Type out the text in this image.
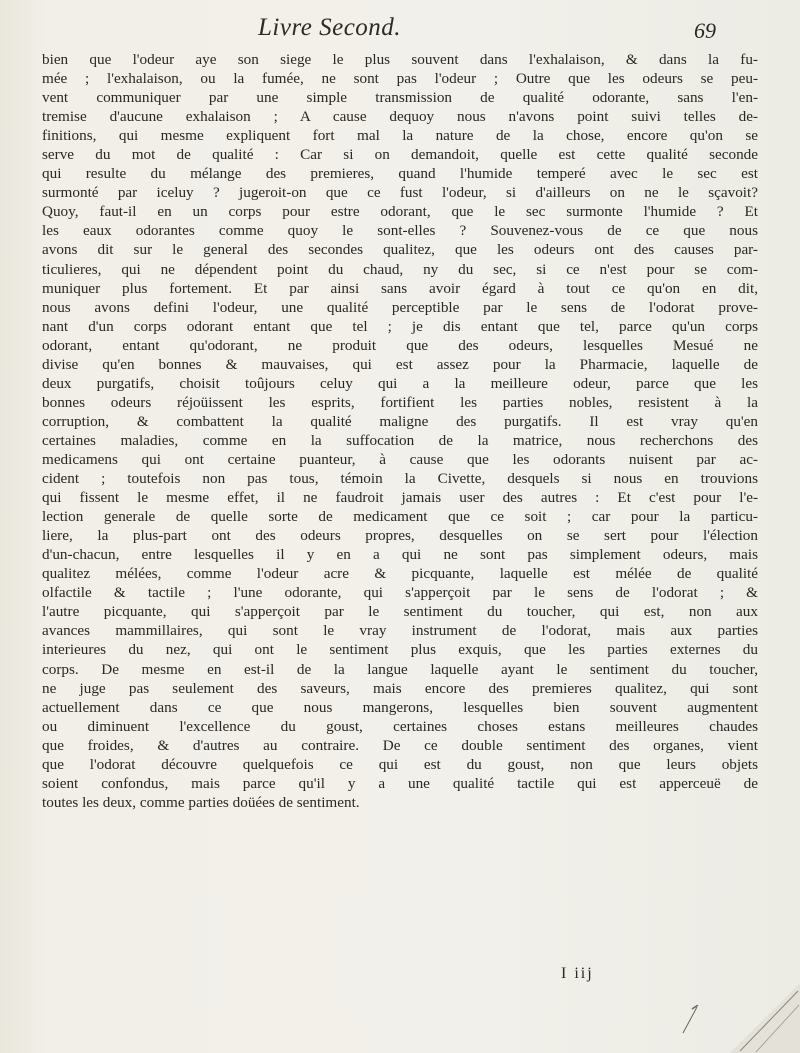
Livre Second.	69
bien que l'odeur aye son siege le plus souvent dans l'exhalaison, & dans la fu-
mée ; l'exhalaison, ou la fumée, ne sont pas l'odeur ; Outre que les odeurs se peu-
vent communiquer par une simple transmission de qualité odorante, sans l'en-
tremise d'aucune exhalaison ; A cause dequoy nous n'avons point suivi telles de-
finitions, qui mesme expliquent fort mal la nature de la chose, encore qu'on se
serve du mot de qualité : Car si on demandoit, quelle est cette qualité seconde
qui resulte du mélange des premieres, quand l'humide temperé avec le sec est
surmonté par iceluy ? jugeroit-on que ce fust l'odeur, si d'ailleurs on ne le sçavoit?
Quoy, faut-il en un corps pour estre odorant, que le sec surmonte l'humide ? Et
les eaux odorantes comme quoy le sont-elles ? Souvenez-vous de ce que nous
avons dit sur le general des secondes qualitez, que les odeurs ont des causes par-
ticulieres, qui ne dépendent point du chaud, ny du sec, si ce n'est pour se com-
muniquer plus fortement. Et par ainsi sans avoir égard à tout ce qu'on en dit,
nous avons defini l'odeur, une qualité perceptible par le sens de l'odorat prove-
nant d'un corps odorant entant que tel ; je dis entant que tel, parce qu'un corps
odorant, entant qu'odorant, ne produit que des odeurs, lesquelles Mesué ne
divise qu'en bonnes & mauvaises, qui est assez pour la Pharmacie, laquelle de
deux purgatifs, choisit toûjours celuy qui a la meilleure odeur, parce que les
bonnes odeurs réjoüissent les esprits, fortifient les parties nobles, resistent à la
corruption, & combattent la qualité maligne des purgatifs. Il est vray qu'en
certaines maladies, comme en la suffocation de la matrice, nous recherchons des
medicamens qui ont certaine puanteur, à cause que les odorants nuisent par ac-
cident ; toutefois non pas tous, témoin la Civette, desquels si nous en trouvions
qui fissent le mesme effet, il ne faudroit jamais user des autres : Et c'est pour l'e-
lection generale de quelle sorte de medicament que ce soit ; car pour la particu-
liere, la plus-part ont des odeurs propres, desquelles on se sert pour l'élection
d'un-chacun, entre lesquelles il y en a qui ne sont pas simplement odeurs, mais
qualitez mélées, comme l'odeur acre & picquante, laquelle est mélée de qualité
olfactile & tactile ; l'une odorante, qui s'apperçoit par le sens de l'odorat ; &
l'autre picquante, qui s'apperçoit par le sentiment du toucher, qui est, non aux
avances mammillaires, qui sont le vray instrument de l'odorat, mais aux parties
interieures du nez, qui ont le sentiment plus exquis, que les parties externes du
corps. De mesme en est-il de la langue laquelle ayant le sentiment du toucher,
ne juge pas seulement des saveurs, mais encore des premieres qualitez, qui sont
actuellement dans ce que nous mangerons, lesquelles bien souvent augmentent
ou diminuent l'excellence du goust, certaines choses estans meilleures chaudes
que froides, & d'autres au contraire. De ce double sentiment des organes, vient
que l'odorat découvre quelquefois ce qui est du goust, non que leurs objets
soient confondus, mais parce qu'il y a une qualité tactile qui est apperceuë de
toutes les deux, comme parties doüées de sentiment.
I iij
